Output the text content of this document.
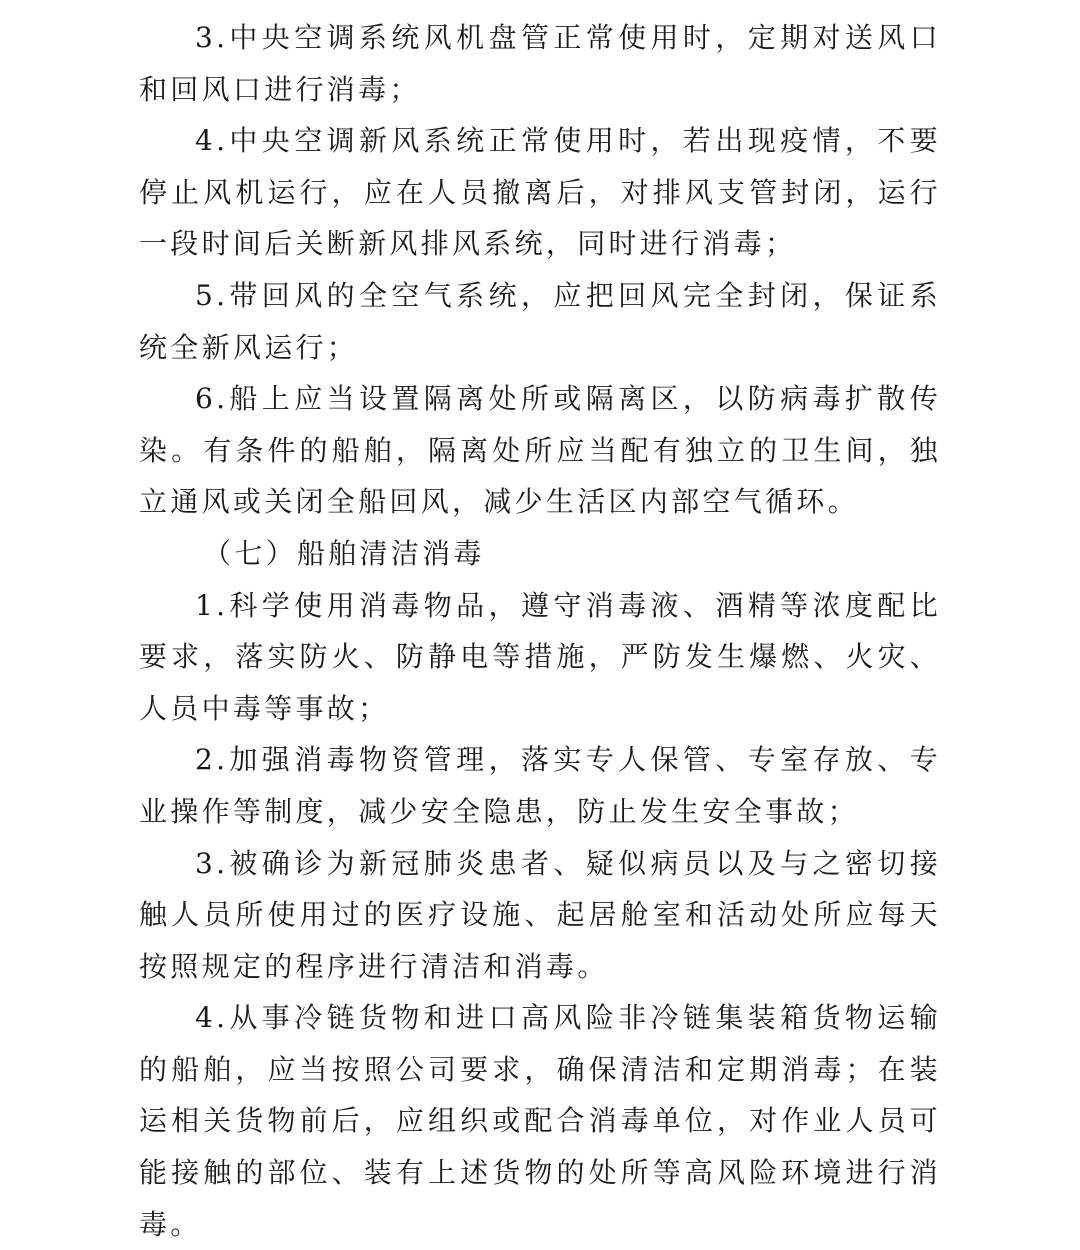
3.中央空调系统风机盘管正常使用时，定期对送风口和回风口进行消毒；

4.中央空调新风系统正常使用时，若出现疫情，不要停止风机运行，应在人员撤离后，对排风支管封闭，运行一段时间后关断新风排风系统，同时进行消毒；

5.带回风的全空气系统，应把回风完全封闭，保证系统全新风运行；

6.船上应当设置隔离处所或隔离区，以防病毒扩散传染。有条件的船舶，隔离处所应当配有独立的卫生间，独立通风或关闭全船回风，减少生活区内部空气循环。

（七）船舶清洁消毒

1.科学使用消毒物品，遵守消毒液、酒精等浓度配比要求，落实防火、防静电等措施，严防发生爆燃、火灾、人员中毒等事故；

2.加强消毒物资管理，落实专人保管、专室存放、专业操作等制度，减少安全隐患，防止发生安全事故；

3.被确诊为新冠肺炎患者、疑似病员以及与之密切接触人员所使用过的医疗设施、起居舱室和活动处所应每天按照规定的程序进行清洁和消毒。

4.从事冷链货物和进口高风险非冷链集装箱货物运输的船舶，应当按照公司要求，确保清洁和定期消毒；在装运相关货物前后，应组织或配合消毒单位，对作业人员可能接触的部位、装有上述货物的处所等高风险环境进行消毒。
